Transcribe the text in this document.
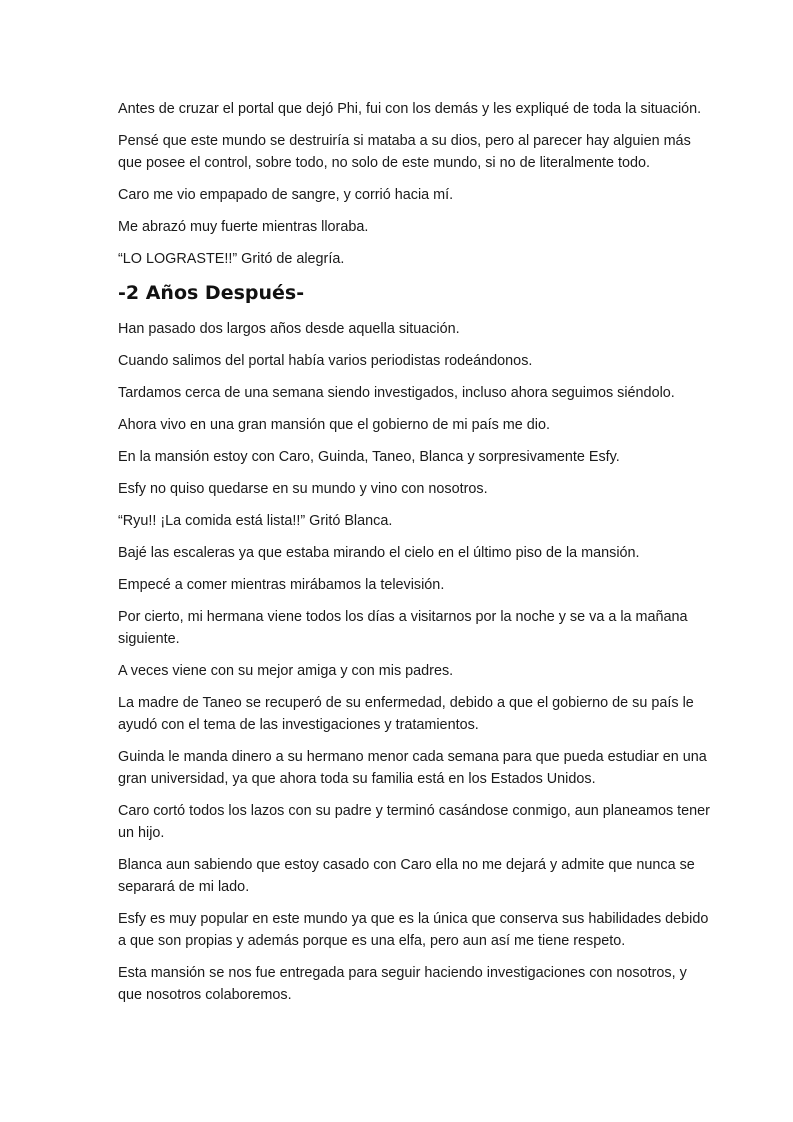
Antes de cruzar el portal que dejó Phi, fui con los demás y les expliqué de toda la situación.

Pensé que este mundo se destruiría si mataba a su dios, pero al parecer hay alguien más que posee el control, sobre todo, no solo de este mundo, si no de literalmente todo.

Caro me vio empapado de sangre, y corrió hacia mí.

Me abrazó muy fuerte mientras lloraba.

“LO LOGRASTE!!” Gritó de alegría.

-2 Años Después-

Han pasado dos largos años desde aquella situación.

Cuando salimos del portal había varios periodistas rodeándonos.

Tardamos cerca de una semana siendo investigados, incluso ahora seguimos siéndolo.

Ahora vivo en una gran mansión que el gobierno de mi país me dio.

En la mansión estoy con Caro, Guinda, Taneo, Blanca y sorpresivamente Esfy.

Esfy no quiso quedarse en su mundo y vino con nosotros.

“Ryu!! ¡La comida está lista!!” Gritó Blanca.

Bajé las escaleras ya que estaba mirando el cielo en el último piso de la mansión.

Empecé a comer mientras mirábamos la televisión.

Por cierto, mi hermana viene todos los días a visitarnos por la noche y se va a la mañana siguiente.

A veces viene con su mejor amiga y con mis padres.

La madre de Taneo se recuperó de su enfermedad, debido a que el gobierno de su país le ayudó con el tema de las investigaciones y tratamientos.

Guinda le manda dinero a su hermano menor cada semana para que pueda estudiar en una gran universidad, ya que ahora toda su familia está en los Estados Unidos.

Caro cortó todos los lazos con su padre y terminó casándose conmigo, aun planeamos tener un hijo.

Blanca aun sabiendo que estoy casado con Caro ella no me dejará y admite que nunca se separará de mi lado.

Esfy es muy popular en este mundo ya que es la única que conserva sus habilidades debido a que son propias y además porque es una elfa, pero aun así me tiene respeto.

Esta mansión se nos fue entregada para seguir haciendo investigaciones con nosotros, y que nosotros colaboremos.
